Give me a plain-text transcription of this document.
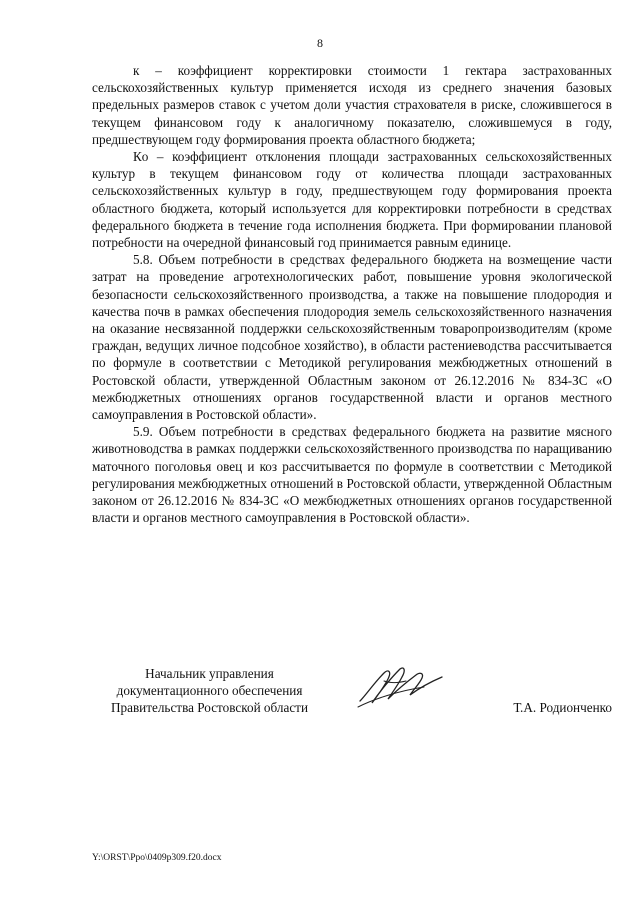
8

к – коэффициент корректировки стоимости 1 гектара застрахованных сельскохозяйственных культур применяется исходя из среднего значения базовых предельных размеров ставок с учетом доли участия страхователя в риске, сложившегося в текущем финансовом году к аналогичному показателю, сложившемуся в году, предшествующем году формирования проекта областного бюджета;

Кo – коэффициент отклонения площади застрахованных сельскохозяйственных культур в текущем финансовом году от количества площади застрахованных сельскохозяйственных культур в году, предшествующем году формирования проекта областного бюджета, который используется для корректировки потребности в средствах федерального бюджета в течение года исполнения бюджета. При формировании плановой потребности на очередной финансовый год принимается равным единице.

5.8. Объем потребности в средствах федерального бюджета на возмещение части затрат на проведение агротехнологических работ, повышение уровня экологической безопасности сельскохозяйственного производства, а также на повышение плодородия и качества почв в рамках обеспечения плодородия земель сельскохозяйственного назначения на оказание несвязанной поддержки сельскохозяйственным товаропроизводителям (кроме граждан, ведущих личное подсобное хозяйство), в области растениеводства рассчитывается по формуле в соответствии с Методикой регулирования межбюджетных отношений в Ростовской области, утвержденной Областным законом от 26.12.2016 № 834-ЗС «О межбюджетных отношениях органов государственной власти и органов местного самоуправления в Ростовской области».

5.9. Объем потребности в средствах федерального бюджета на развитие мясного животноводства в рамках поддержки сельскохозяйственного производства по наращиванию маточного поголовья овец и коз рассчитывается по формуле в соответствии с Методикой регулирования межбюджетных отношений в Ростовской области, утвержденной Областным законом от 26.12.2016 № 834-ЗС «О межбюджетных отношениях органов государственной власти и органов местного самоуправления в Ростовской области».

Начальник управления
документационного обеспечения
Правительства Ростовской области	Т.А. Родионченко
Y:\ORST\Ppo\0409p309.f20.docx
